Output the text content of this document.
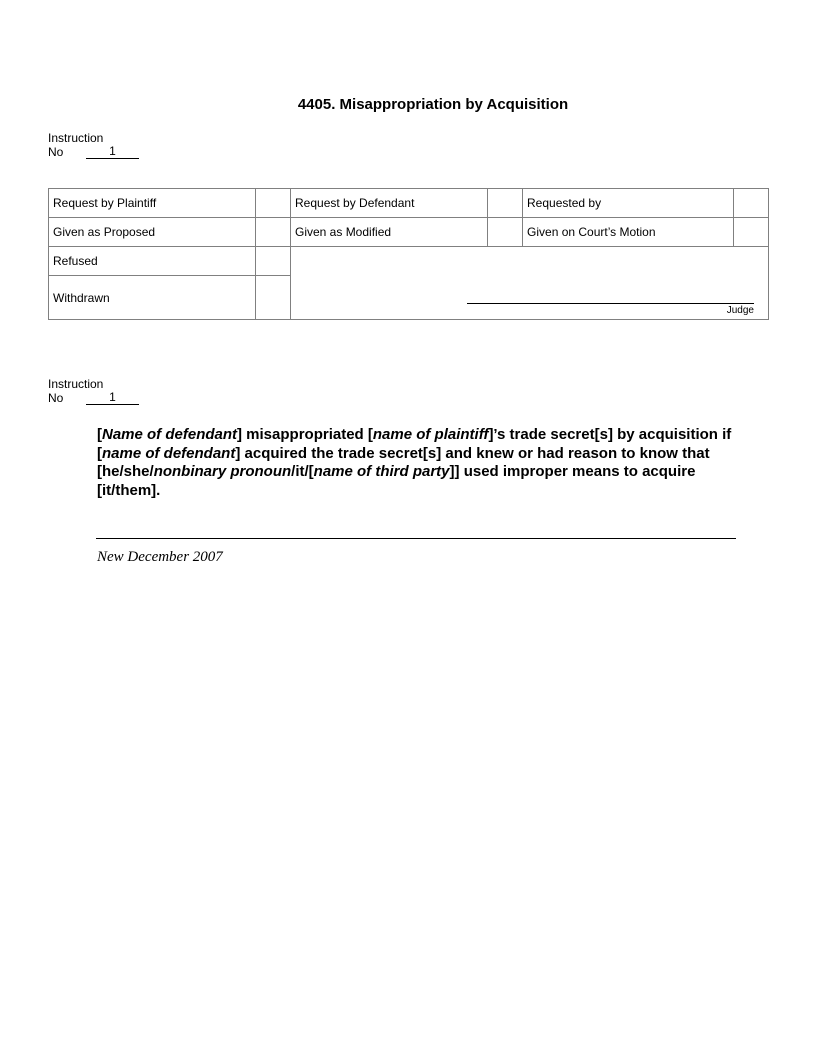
4405. Misappropriation by Acquisition
Instruction
No	1
Request by Plaintiff		Request by Defendant		Requested by	
Given as Proposed		Given as Modified		Given on Court’s Motion	
Refused		Judge			

Withdrawn					
Instruction
No	1
[Name of defendant] misappropriated [name of plaintiff]’s trade secret[s] by acquisition if [name of defendant] acquired the trade secret[s] and knew or had reason to know that [he/she/nonbinary pronoun/it/[name of third party]] used improper means to acquire [it/them].
New December 2007
